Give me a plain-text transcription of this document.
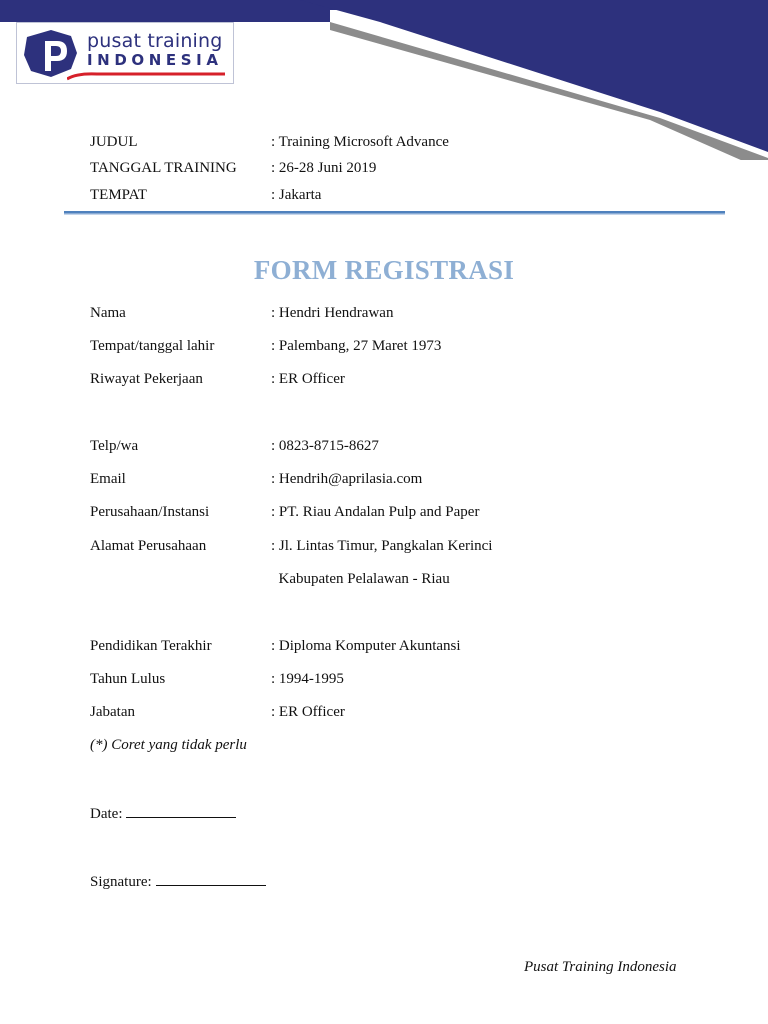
pusat training
INDONESIA
JUDUL	: Training Microsoft Advance
TANGGAL TRAINING : 26-28 Juni 2019
TEMPAT	: Jakarta
FORM REGISTRASI
Nama	: Hendri Hendrawan
Tempat/tanggal lahir	: Palembang, 27 Maret 1973
Riwayat Pekerjaan	: ER Officer
Telp/wa	: 0823-8715-8627
Email	: Hendrih@aprilasia.com
Perusahaan/Instansi	: PT. Riau Andalan Pulp and Paper
Alamat Perusahaan	: Jl. Lintas Timur, Pangkalan Kerinci
Kabupaten Pelalawan - Riau
Pendidikan Terakhir	: Diploma Komputer Akuntansi
Tahun Lulus	: 1994-1995
Jabatan	: ER Officer
(*) Coret yang tidak perlu
Date:
Signature:
Pusat Training Indonesia
